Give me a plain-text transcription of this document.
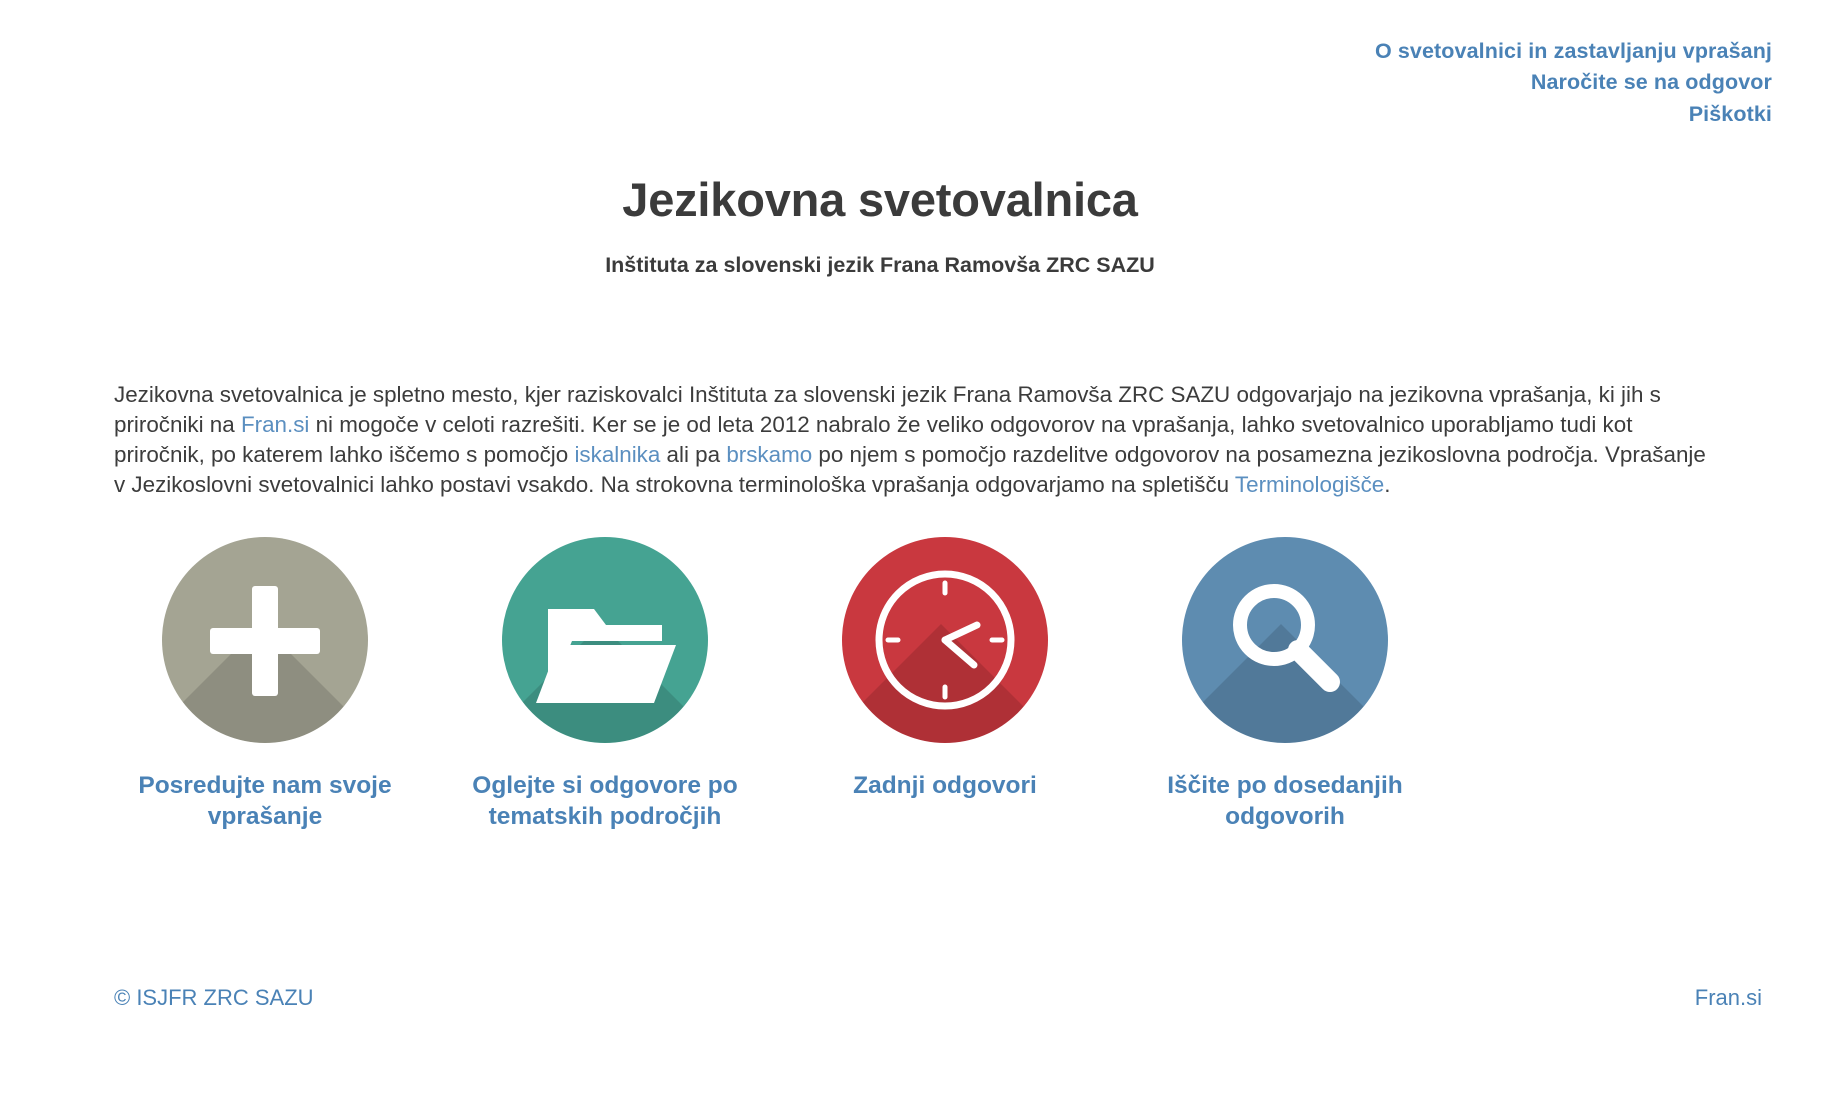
O svetovalnici in zastavljanju vprašanj
Naročite se na odgovor
Piškotki
Jezikovna svetovalnica
Inštituta za slovenski jezik Frana Ramovša ZRC SAZU

Jezikovna svetovalnica je spletno mesto, kjer raziskovalci Inštituta za slovenski jezik Frana Ramovša ZRC SAZU odgovarjajo na jezikovna vprašanja, ki jih s priročniki na Fran.si ni mogoče v celoti razrešiti. Ker se je od leta 2012 nabralo že veliko odgovorov na vprašanja, lahko svetovalnico uporabljamo tudi kot priročnik, po katerem lahko iščemo s pomočjo iskalnika ali pa brskamo po njem s pomočjo razdelitve odgovorov na posamezna jezikoslovna področja. Vprašanje v Jezikoslovni svetovalnici lahko postavi vsakdo. Na strokovna terminološka vprašanja odgovarjamo na spletišču Terminologišče.

Posredujte nam svoje vprašanje
Oglejte si odgovore po tematskih področjih
Zadnji odgovori	Iščite po dosedanjih odgovorih
© ISJFR ZRC SAZU	Fran.si
